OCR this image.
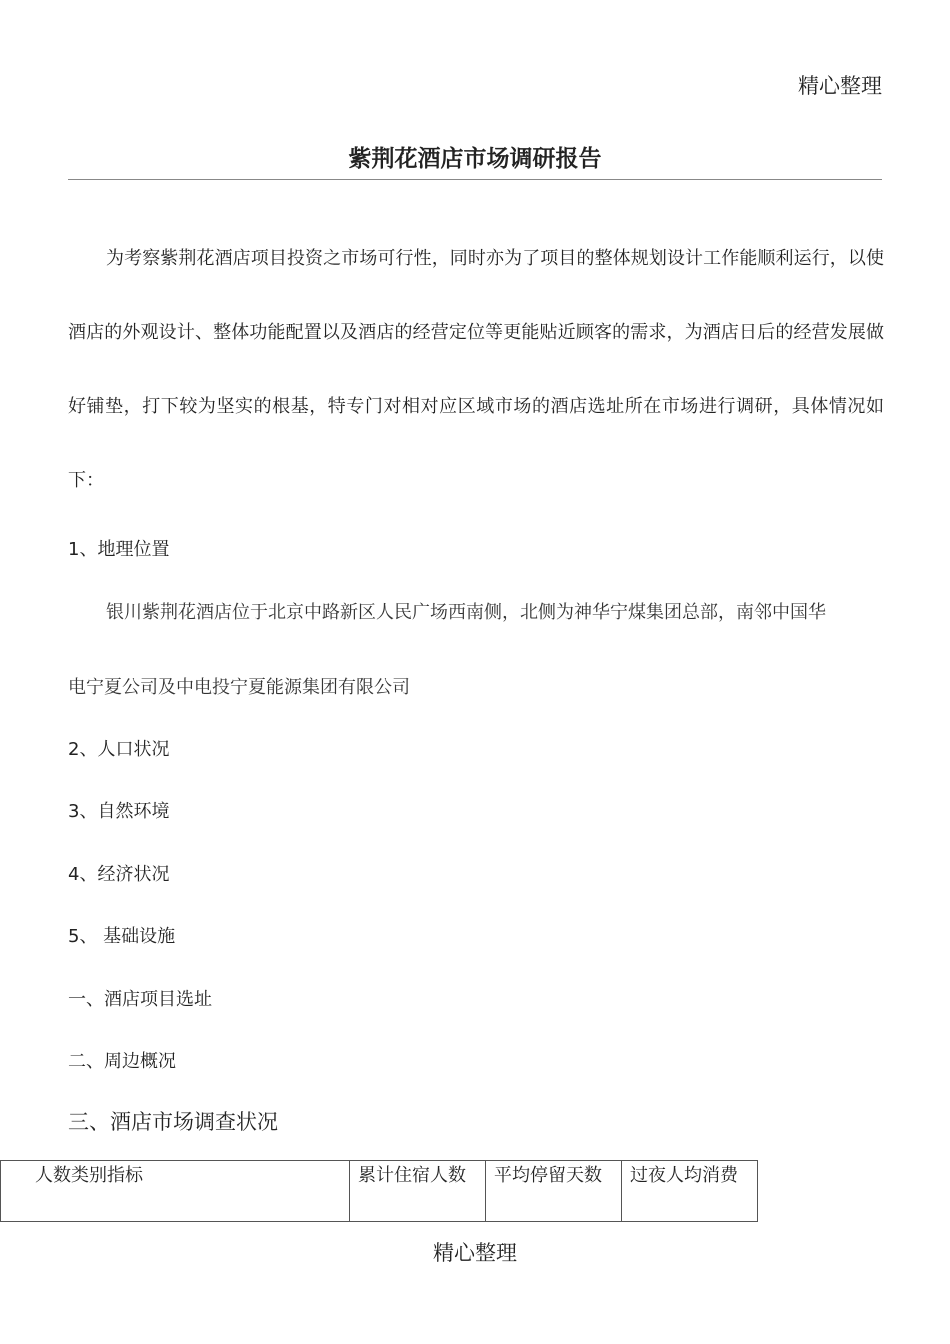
精心整理
紫荆花酒店市场调研报告
为考察紫荆花酒店项目投资之市场可行性，同时亦为了项目的整体规划设计工作能顺利运行，以使酒店的外观设计、整体功能配置以及酒店的经营定位等更能贴近顾客的需求，为酒店日后的经营发展做好铺垫，打下较为坚实的根基，特专门对相对应区域市场的酒店选址所在市场进行调研，具体情况如下：
1、地理位置
银川紫荆花酒店位于北京中路新区人民广场西南侧，北侧为神华宁煤集团总部，南邻中国华
电宁夏公司及中电投宁夏能源集团有限公司
2、人口状况
3、自然环境
4、经济状况
5、 基础设施
一、酒店项目选址
二、周边概况
三、酒店市场调查状况
人数类别指标	累计住宿人数	平均停留天数	过夜人均消费
精心整理
